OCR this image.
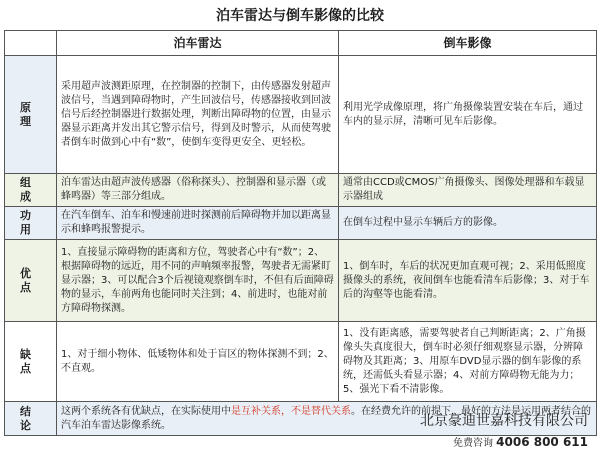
泊车雷达与倒车影像的比较
	泊车雷达	倒车影像
原 理	采用超声波测距原理，在控制器的控制下，由传感器发射超声波信号，当遇到障碍物时，产生回波信号，传感器接收到回波信号后经控制器进行数据处理，判断出障碍物的位置，由显示器显示距离并发出其它警示信号，得到及时警示，从而使驾驶者倒车时做到心中有“数”，使倒车变得更安全、更轻松。	利用光学成像原理，将广角摄像装置安装在车后，通过车内的显示屏，清晰可见车后影像。
组 成	泊车雷达由超声波传感器（俗称探头）、控制器和显示器（或蜂鸣器）等三部分组成。	通常由CCD或CMOS广角摄像头、图像处理器和车载显示器组成
功 用	在汽车倒车、泊车和慢速前进时探测前后障碍物并加以距离显示和蜂鸣报警提示。	在倒车过程中显示车辆后方的影像。
优 点	1、直接显示障碍物的距离和方位，驾驶者心中有“数”；2、根据障碍物的远近，用不同的声响频率报警，驾驶者无需紧盯显示器；3、可以配合3个后视镜观察倒车时，不但有后面障碍物的显示，车前两角也能同时关注到；4、前进时，也能对前方障碍物探测。	1、倒车时，车后的状况更加直观可视；2、采用低照度摄像头的系统，夜间倒车也能看清车后影像；3、对于车后的沟壑等也能看清。
缺 点	1、对于细小物体、低矮物体和处于盲区的物体探测不到；2、不直观。	1、没有距离感，需要驾驶者自己判断距离；2、广角摄像头失真度很大，倒车时必须仔细观察显示器，分辨障碍物及其距离；3、用原车DVD显示器的倒车影像的系统，还需低头看显示器；4、对前方障碍物无能为力；5、强光下看不清影像。
结 论	这两个系统各有优缺点，在实际使用中是互补关系，不是替代关系。在经费允许的前提下，最好的方法是运用两者结合的汽车泊车雷达影像系统。		北京豪迪世嘉科技有限公司
免费咨询 4006 800 611
